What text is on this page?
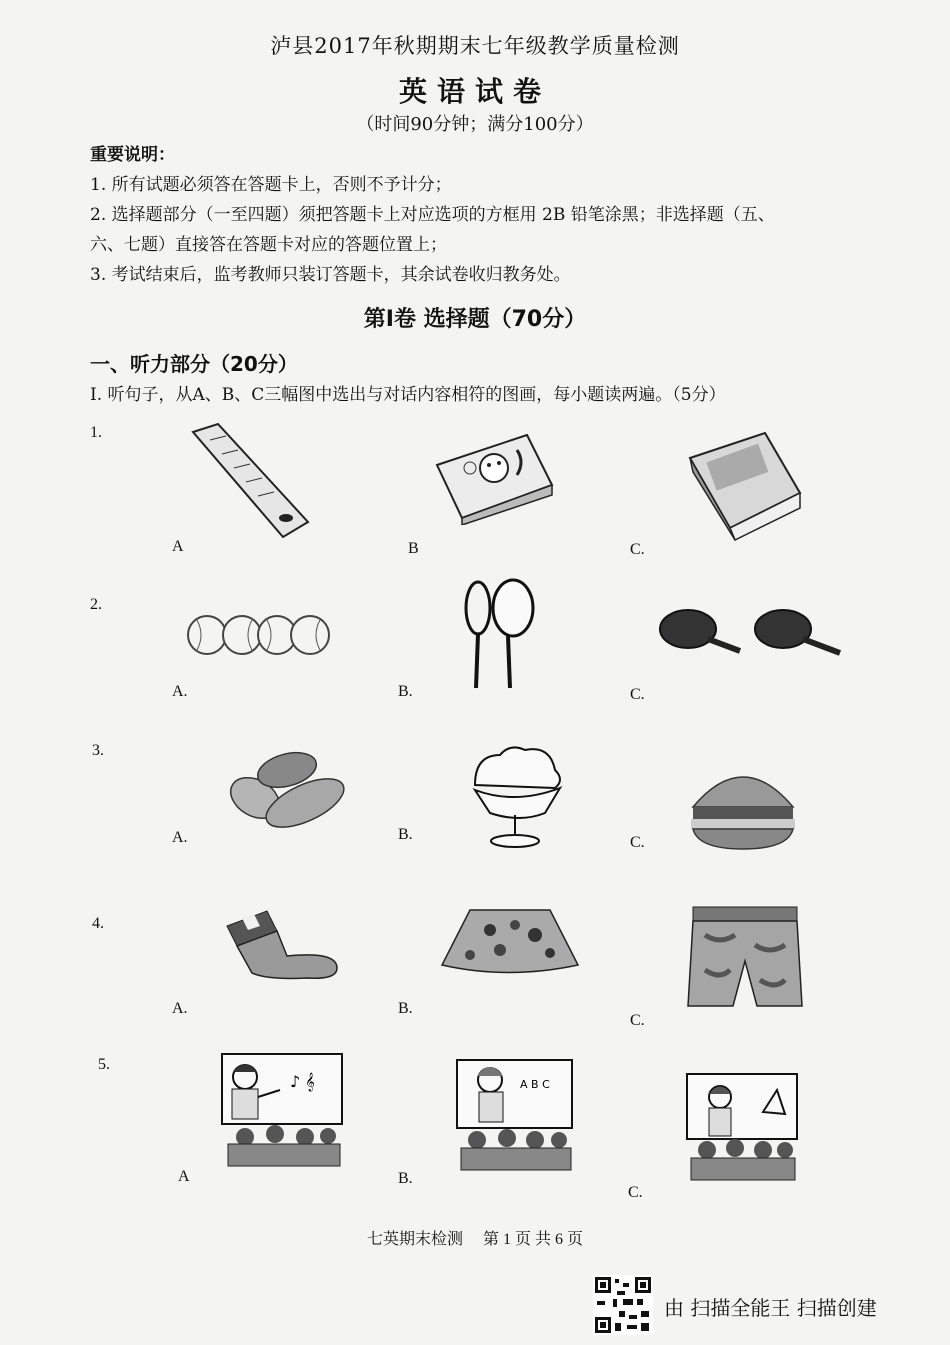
泸县2017年秋期期末七年级教学质量检测
英语试卷
（时间90分钟；满分100分）
重要说明：
1. 所有试题必须答在答题卡上，否则不予计分；
2. 选择题部分（一至四题）须把答题卡上对应选项的方框用 2B 铅笔涂黑；非选择题（五、
六、七题）直接答在答题卡对应的答题位置上；
3. 考试结束后，监考教师只装订答题卡，其余试卷收归教务处。
第Ⅰ卷 选择题（70分）
一、听力部分（20分）
Ⅰ. 听句子，从A、B、C三幅图中选出与对话内容相符的图画，每小题读两遍。（5分）
1.
A	B	C.
2.
A.	B.	C.
3.
A.	B.	C.
4.
A.	B.
C.
5.
♪ 𝄞
A
A B C
B.
C.
七英期末检测 第 1 页 共 6 页
由 扫描全能王 扫描创建
